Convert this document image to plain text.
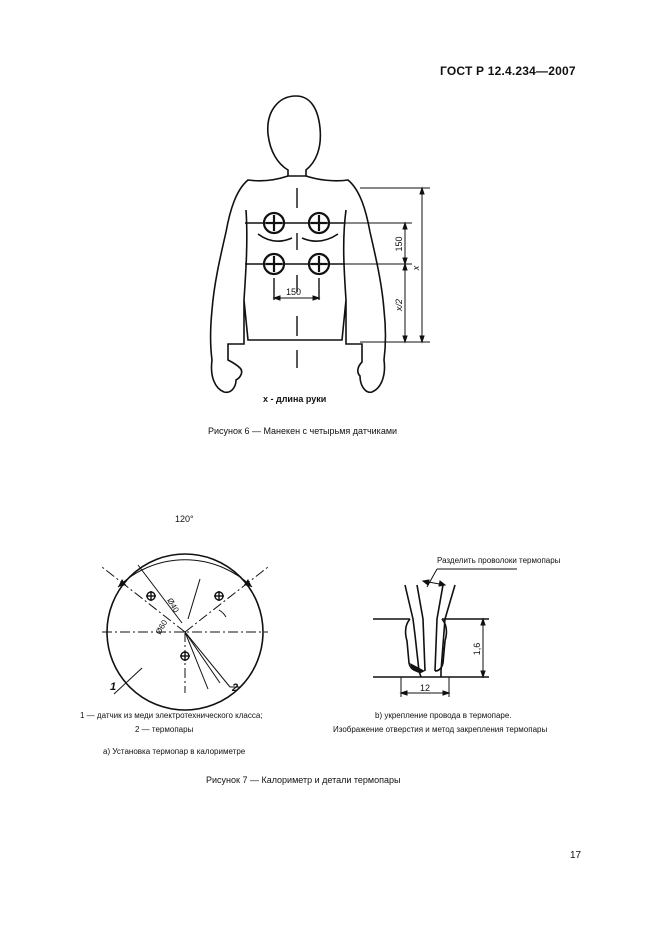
ГОСТ Р 12.4.234—2007
150
150
x/2
x
x - длина руки
Рисунок 6 — Манекен с четырьмя датчиками
120°
Ø40
Ø60
1	2
Разделить проволоки термопары
12
1,6
1 — датчик из меди электротехнического класса;
2 — термопары
b) укрепление провода в термопаре.
Изображение отверстия и метод закрепления термопары
а) Установка термопар в калориметре
Рисунок 7 — Калориметр и детали термопары
17
